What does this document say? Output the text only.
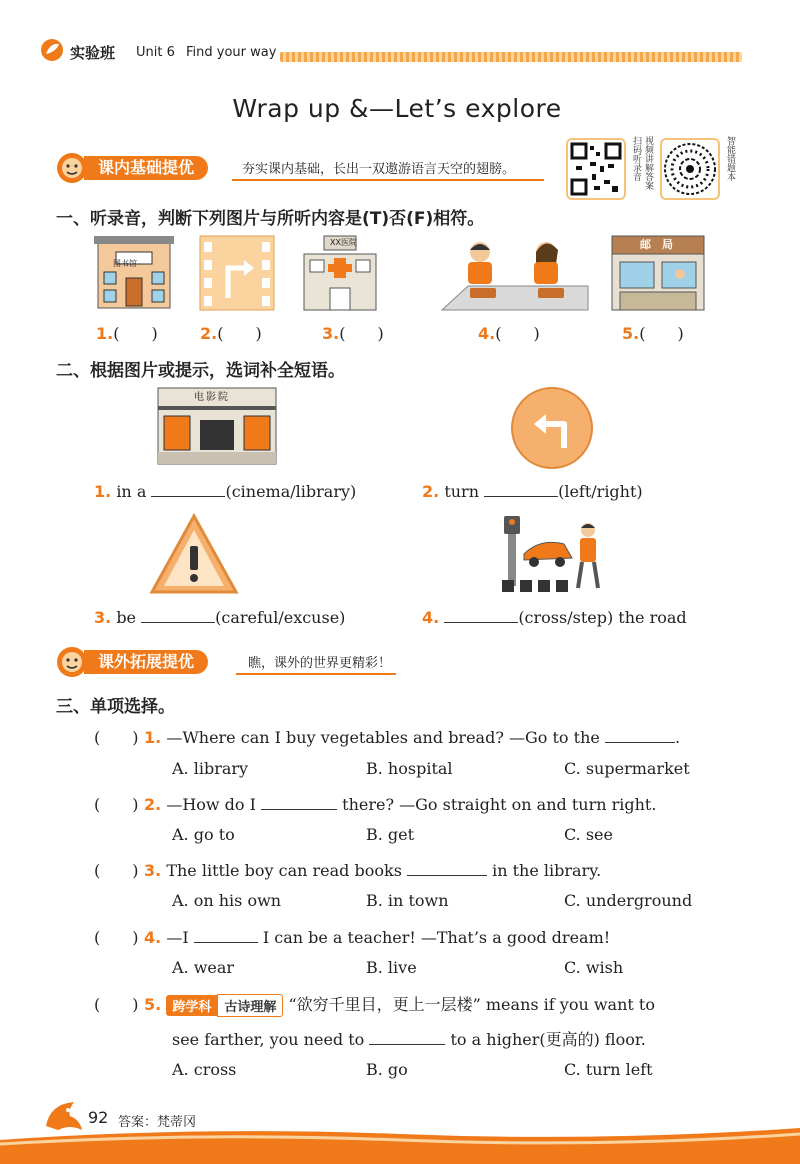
实验班 Unit 6 Find your way
Wrap up &—Let’s explore
课内基础提优	夯实课内基础，长出一双遨游语言天空的翅膀。	扫码听录音 视频讲解答案	智能错题本
一、听录音，判断下列图片与所听内容是(T)否(F)相符。
图书馆
XX医院	邮　局
1.(　　)	2.(　　)	3.(　　)	4.(　　)	5.(　　)
二、根据图片或提示，选词补全短语。
电影院
1. in a	(cinema/library)	2. turn	(left/right)
3. be	(careful/excuse)	4.	(cross/step) the road
课外拓展提优	瞧，课外的世界更精彩！
三、单项选择。
(　　) 1. —Where can I buy vegetables and bread? —Go to the	.
A. library	B. hospital	C. supermarket
(　　) 2. —How do I	there? —Go straight on and turn right.
A. go to	B. get	C. see
(　　) 3. The little boy can read books	in the library.
A. on his own	B. in town	C. underground
(　　) 4. —I	I can be a teacher! —That’s a good dream!
A. wear	B. live	C. wish
(　　) 5. 跨学科 古诗理解 “欲穷千里目，更上一层楼” means if you want to
see farther, you need to	to a higher(更高的) floor.
A. cross	B. go	C. turn left
92 答案：梵蒂冈
